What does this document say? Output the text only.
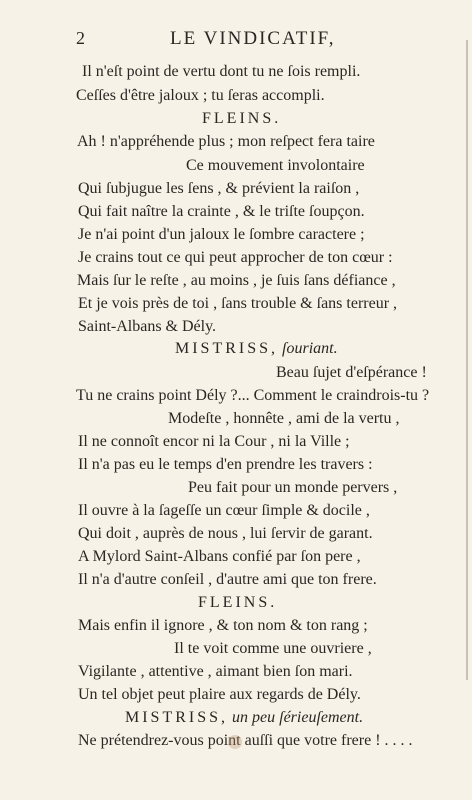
2	LE VINDICATIF,
Il n'eſt point de vertu dont tu ne ſois rempli.
Ceſſes d'être jaloux ; tu ſeras accompli.
FLEINS.
Ah ! n'appréhende plus ; mon reſpect fera taire
Ce mouvement involontaire
Qui ſubjugue les ſens , & prévient la raiſon ,
Qui fait naître la crainte , & le triſte ſoupçon.
Je n'ai point d'un jaloux le ſombre caractere ;
Je crains tout ce qui peut approcher de ton cœur :
Mais ſur le reſte , au moins , je ſuis ſans défiance ,
Et je vois près de toi , ſans trouble & ſans terreur ,
Saint-Albans & Dély.
MISTRISS, ſouriant.
Beau ſujet d'eſpérance !
Tu ne crains point Dély ?... Comment le craindrois-tu ?
Modeſte , honnête , ami de la vertu ,
Il ne connoît encor ni la Cour , ni la Ville ;
Il n'a pas eu le temps d'en prendre les travers :
Peu fait pour un monde pervers ,
Il ouvre à la ſageſſe un cœur ſimple & docile ,
Qui doit , auprès de nous , lui ſervir de garant.
A Mylord Saint-Albans confié par ſon pere ,
Il n'a d'autre conſeil , d'autre ami que ton frere.
FLEINS.
Mais enfin il ignore , & ton nom & ton rang ;
Il te voit comme une ouvriere ,
Vigilante , attentive , aimant bien ſon mari.
Un tel objet peut plaire aux regards de Dély.
MISTRISS, un peu ſérieuſement.
Ne prétendrez-vous point auſſi que votre frere ! . . . .
